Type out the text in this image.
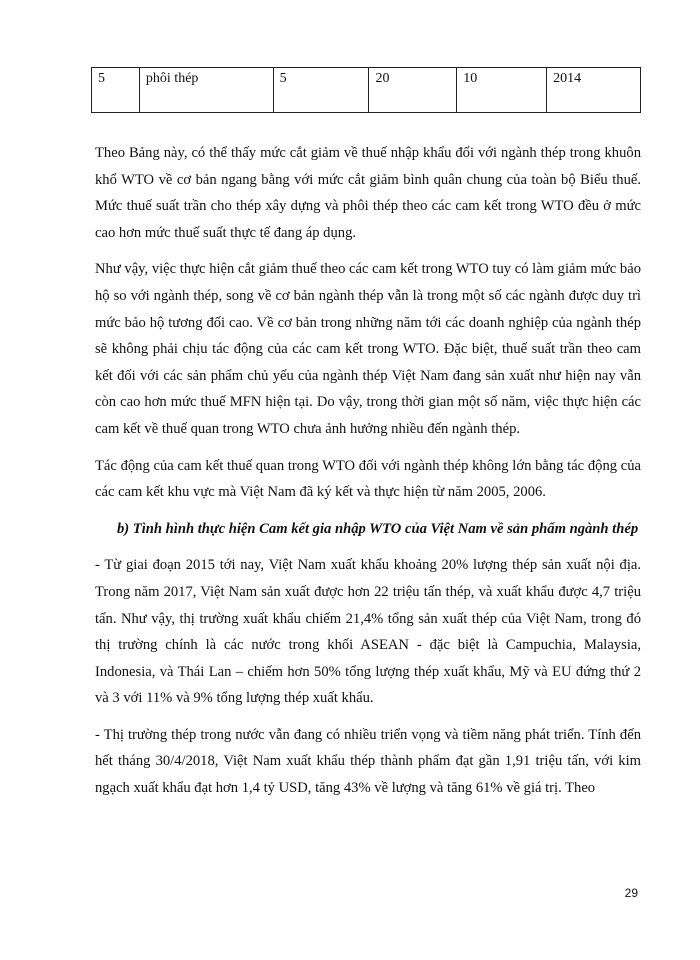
5	phôi thép	5	20	10	2014

Theo Bảng này, có thể thấy mức cắt giảm về thuế nhập khẩu đối với ngành thép trong khuôn khổ WTO về cơ bản ngang bằng với mức cắt giảm bình quân chung của toàn bộ Biểu thuế. Mức thuế suất trần cho thép xây dựng và phôi thép theo các cam kết trong WTO đều ở mức cao hơn mức thuế suất thực tế đang áp dụng.

Như vậy, việc thực hiện cắt giảm thuế theo các cam kết trong WTO tuy có làm giảm mức bảo hộ so với ngành thép, song về cơ bản ngành thép vẫn là trong một số các ngành được duy trì mức bảo hộ tương đối cao. Về cơ bản trong những năm tới các doanh nghiệp của ngành thép sẽ không phải chịu tác động của các cam kết trong WTO. Đặc biệt, thuế suất trần theo cam kết đối với các sản phẩm chủ yếu của ngành thép Việt Nam đang sản xuất như hiện nay vẫn còn cao hơn mức thuế MFN hiện tại. Do vậy, trong thời gian một số năm, việc thực hiện các cam kết về thuế quan trong WTO chưa ảnh hưởng nhiều đến ngành thép.

Tác động của cam kết thuế quan trong WTO đối với ngành thép không lớn bằng tác động của các cam kết khu vực mà Việt Nam đã ký kết và thực hiện từ năm 2005, 2006.

b) Tình hình thực hiện Cam kết gia nhập WTO của Việt Nam về sản phẩm ngành thép

- Từ giai đoạn 2015 tới nay, Việt Nam xuất khẩu khoảng 20% lượng thép sản xuất nội địa. Trong năm 2017, Việt Nam sản xuất được hơn 22 triệu tấn thép, và xuất khẩu được 4,7 triệu tấn. Như vậy, thị trường xuất khẩu chiếm 21,4% tổng sản xuất thép của Việt Nam, trong đó thị trường chính là các nước trong khối ASEAN - đặc biệt là Campuchia, Malaysia, Indonesia, và Thái Lan – chiếm hơn 50% tổng lượng thép xuất khẩu, Mỹ và EU đứng thứ 2 và 3 với 11% và 9% tổng lượng thép xuất khẩu.

- Thị trường thép trong nước vẫn đang có nhiều triển vọng và tiềm năng phát triển. Tính đến hết tháng 30/4/2018, Việt Nam xuất khẩu thép thành phẩm đạt gần 1,91 triệu tấn, với kim ngạch xuất khẩu đạt hơn 1,4 tỷ USD, tăng 43% về lượng và tăng 61% về giá trị. Theo

29
